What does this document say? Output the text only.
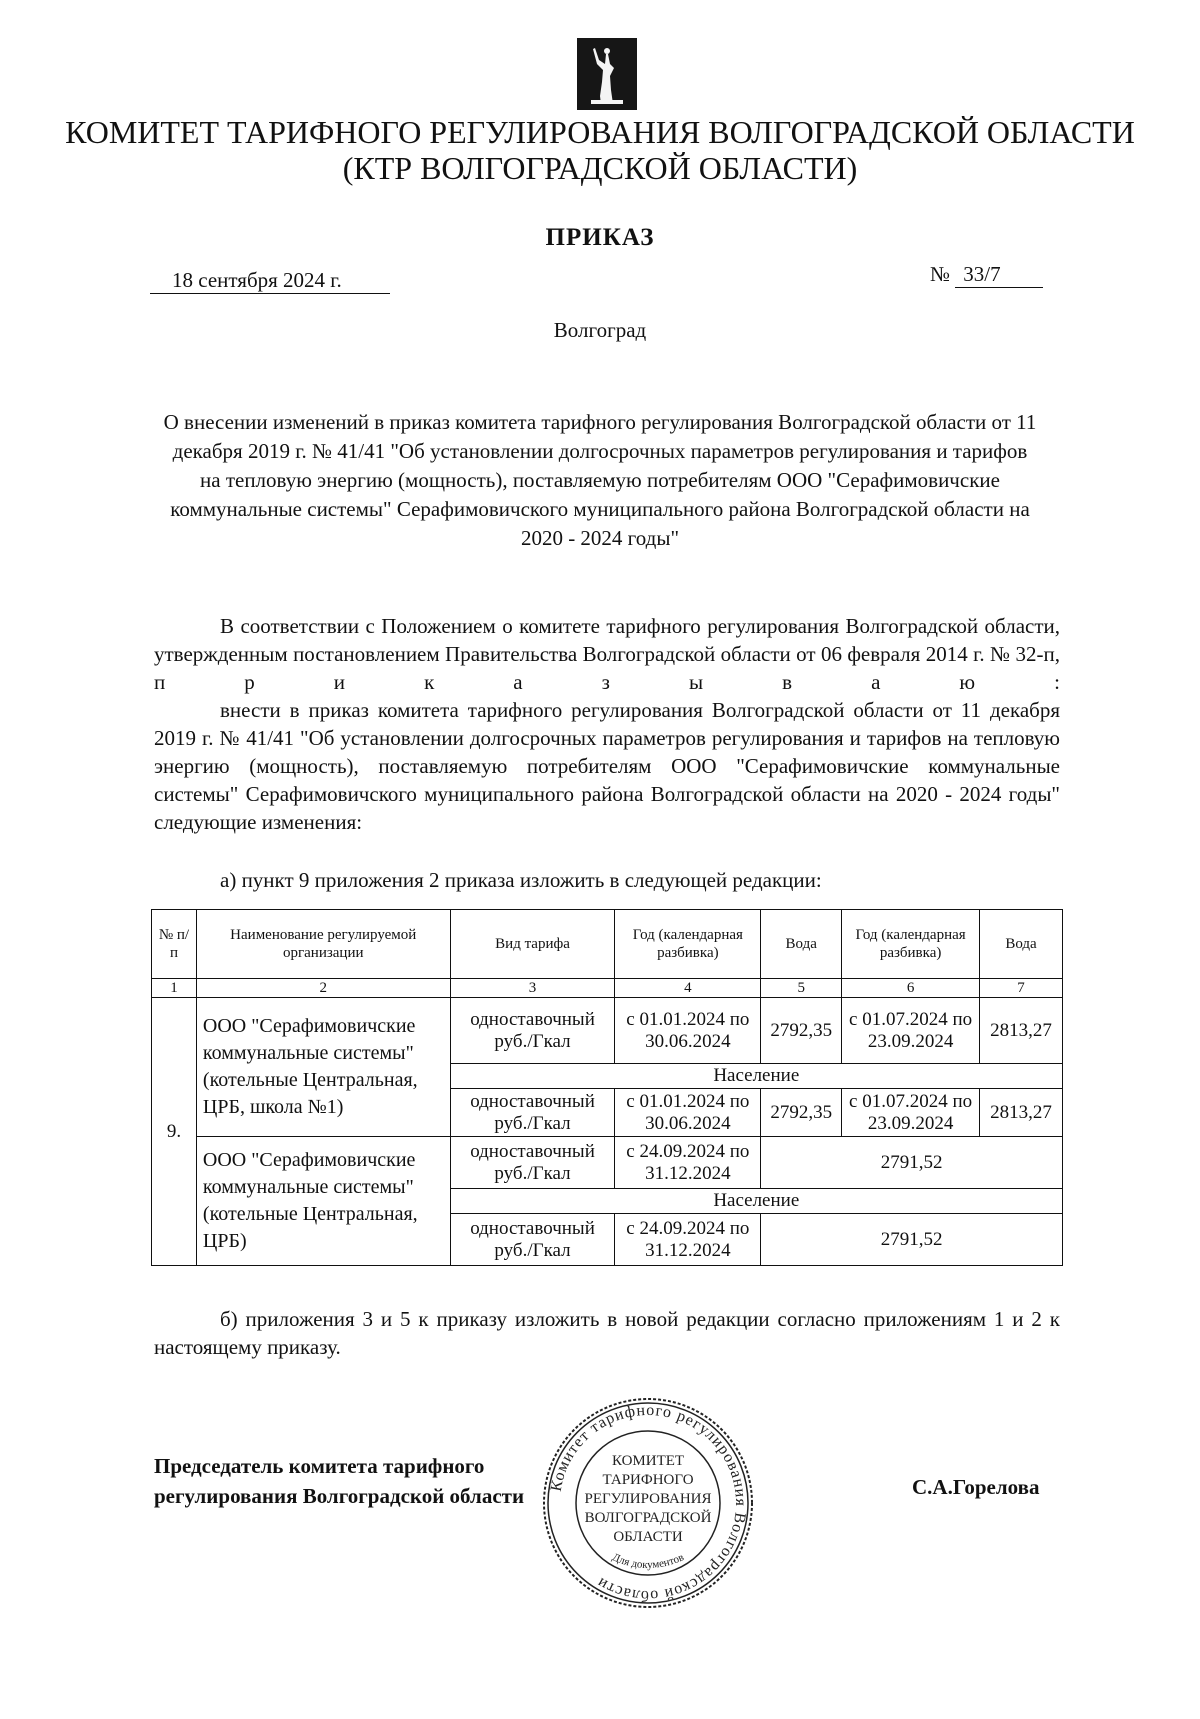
КОМИТЕТ ТАРИФНОГО РЕГУЛИРОВАНИЯ ВОЛГОГРАДСКОЙ ОБЛАСТИ
(КТР ВОЛГОГРАДСКОЙ ОБЛАСТИ)
ПРИКАЗ
18 сентября 2024 г.	№ 33/7
Волгоград
О внесении изменений в приказ комитета тарифного регулирования Волгоградской области от 11 декабря 2019 г. № 41/41 "Об установлении долгосрочных параметров регулирования и тарифов на тепловую энергию (мощность), поставляемую потребителям ООО "Серафимовичские коммунальные системы" Серафимовичского муниципального района Волгоградской области на 2020 - 2024 годы"
В соответствии с Положением о комитете тарифного регулирования Волгоградской области, утвержденным постановлением Правительства Волгоградской области от 06 февраля 2014 г. № 32-п, п р и к а з ы в а ю :
внести в приказ комитета тарифного регулирования Волгоградской области от 11 декабря 2019 г. № 41/41 "Об установлении долгосрочных параметров регулирования и тарифов на тепловую энергию (мощность), поставляемую потребителям ООО "Серафимовичские коммунальные системы" Серафимовичского муниципального района Волгоградской области на 2020 - 2024 годы" следующие изменения:
а) пункт 9 приложения 2 приказа изложить в следующей редакции:
№ п/п	Наименование регулируемой организации	Вид тарифа	Год (календарная разбивка)	Вода	Год (календарная разбивка)	Вода
1	2	3	4	5	6	7
9.	ООО "Серафимовичские коммунальные системы" (котельные Центральная, ЦРБ, школа №1)	одноставочный руб./Гкал	с 01.01.2024 по 30.06.2024	2792,35	с 01.07.2024 по 23.09.2024	2813,27
		Население				
		одноставочный руб./Гкал	с 01.01.2024 по 30.06.2024	2792,35	с 01.07.2024 по 23.09.2024	2813,27
	ООО "Серафимовичские коммунальные системы" (котельные Центральная, ЦРБ)	одноставочный руб./Гкал	с 24.09.2024 по 31.12.2024	2791,52		
		Население				
		одноставочный руб./Гкал	с 24.09.2024 по 31.12.2024	2791,52		
б) приложения 3 и 5 к приказу изложить в новой редакции согласно приложениям 1 и 2 к настоящему приказу.
Председатель комитета тарифного
регулирования Волгоградской области	С.А.Горелова
Комитет тарифного регулирования Волгоградской области
КОМИТЕТ
ТАРИФНОГО
РЕГУЛИРОВАНИЯ
ВОЛГОГРАДСКОЙ
ОБЛАСТИ
Для документов
